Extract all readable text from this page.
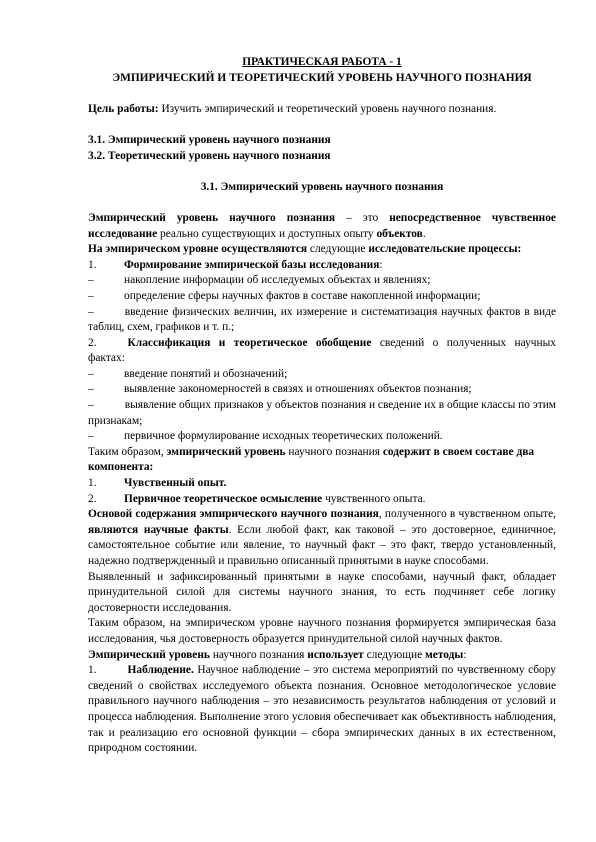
ПРАКТИЧЕСКАЯ РАБОТА - 1

ЭМПИРИЧЕСКИЙ И ТЕОРЕТИЧЕСКИЙ УРОВЕНЬ НАУЧНОГО ПОЗНАНИЯ

Цель работы: Изучить эмпирический и теоретический уровень научного познания.

3.1. Эмпирический уровень научного познания

3.2. Теоретический уровень научного познания

3.1. Эмпирический уровень научного познания

Эмпирический уровень научного познания – это непосредственное чувственное исследование реально существующих и доступных опыту объектов.

На эмпирическом уровне осуществляются следующие исследовательские процессы:

1.	Формирование эмпирической базы исследования:
–	накопление информации об исследуемых объектах и явлениях;
–	определение сферы научных фактов в составе накопленной информации;

–	введение физических величин, их измерение и систематизация научных фактов в виде таблиц, схем, графиков и т. п.;

2.	Классификация и теоретическое обобщение сведений о полученных научных фактах:

–	введение понятий и обозначений;
–	выявление закономерностей в связях и отношениях объектов познания;

–	выявление общих признаков у объектов познания и сведение их в общие классы по этим признакам;

–	первичное формулирование исходных теоретических положений.

Таким образом, эмпирический уровень научного познания содержит в своем составе два компонента:

1.	Чувственный опыт.
2.	Первичное теоретическое осмысление чувственного опыта.

Основой содержания эмпирического научного познания, полученного в чувственном опыте, являются научные факты. Если любой факт, как таковой – это достоверное, единичное, самостоятельное событие или явление, то научный факт – это факт, твердо установленный, надежно подтвержденный и правильно описанный принятыми в науке способами.

Выявленный и зафиксированный принятыми в науке способами, научный факт, обладает принудительной силой для системы научного знания, то есть подчиняет себе логику достоверности исследования.

Таким образом, на эмпирическом уровне научного познания формируется эмпирическая база исследования, чья достоверность образуется принудительной силой научных фактов.

Эмпирический уровень научного познания использует следующие методы:

1.	Наблюдение. Научное наблюдение – это система мероприятий по чувственному сбору сведений о свойствах исследуемого объекта познания. Основное методологическое условие правильного научного наблюдения – это независимость результатов наблюдения от условий и процесса наблюдения. Выполнение этого условия обеспечивает как объективность наблюдения, так и реализацию его основной функции – сбора эмпирических данных в их естественном, природном состоянии.
